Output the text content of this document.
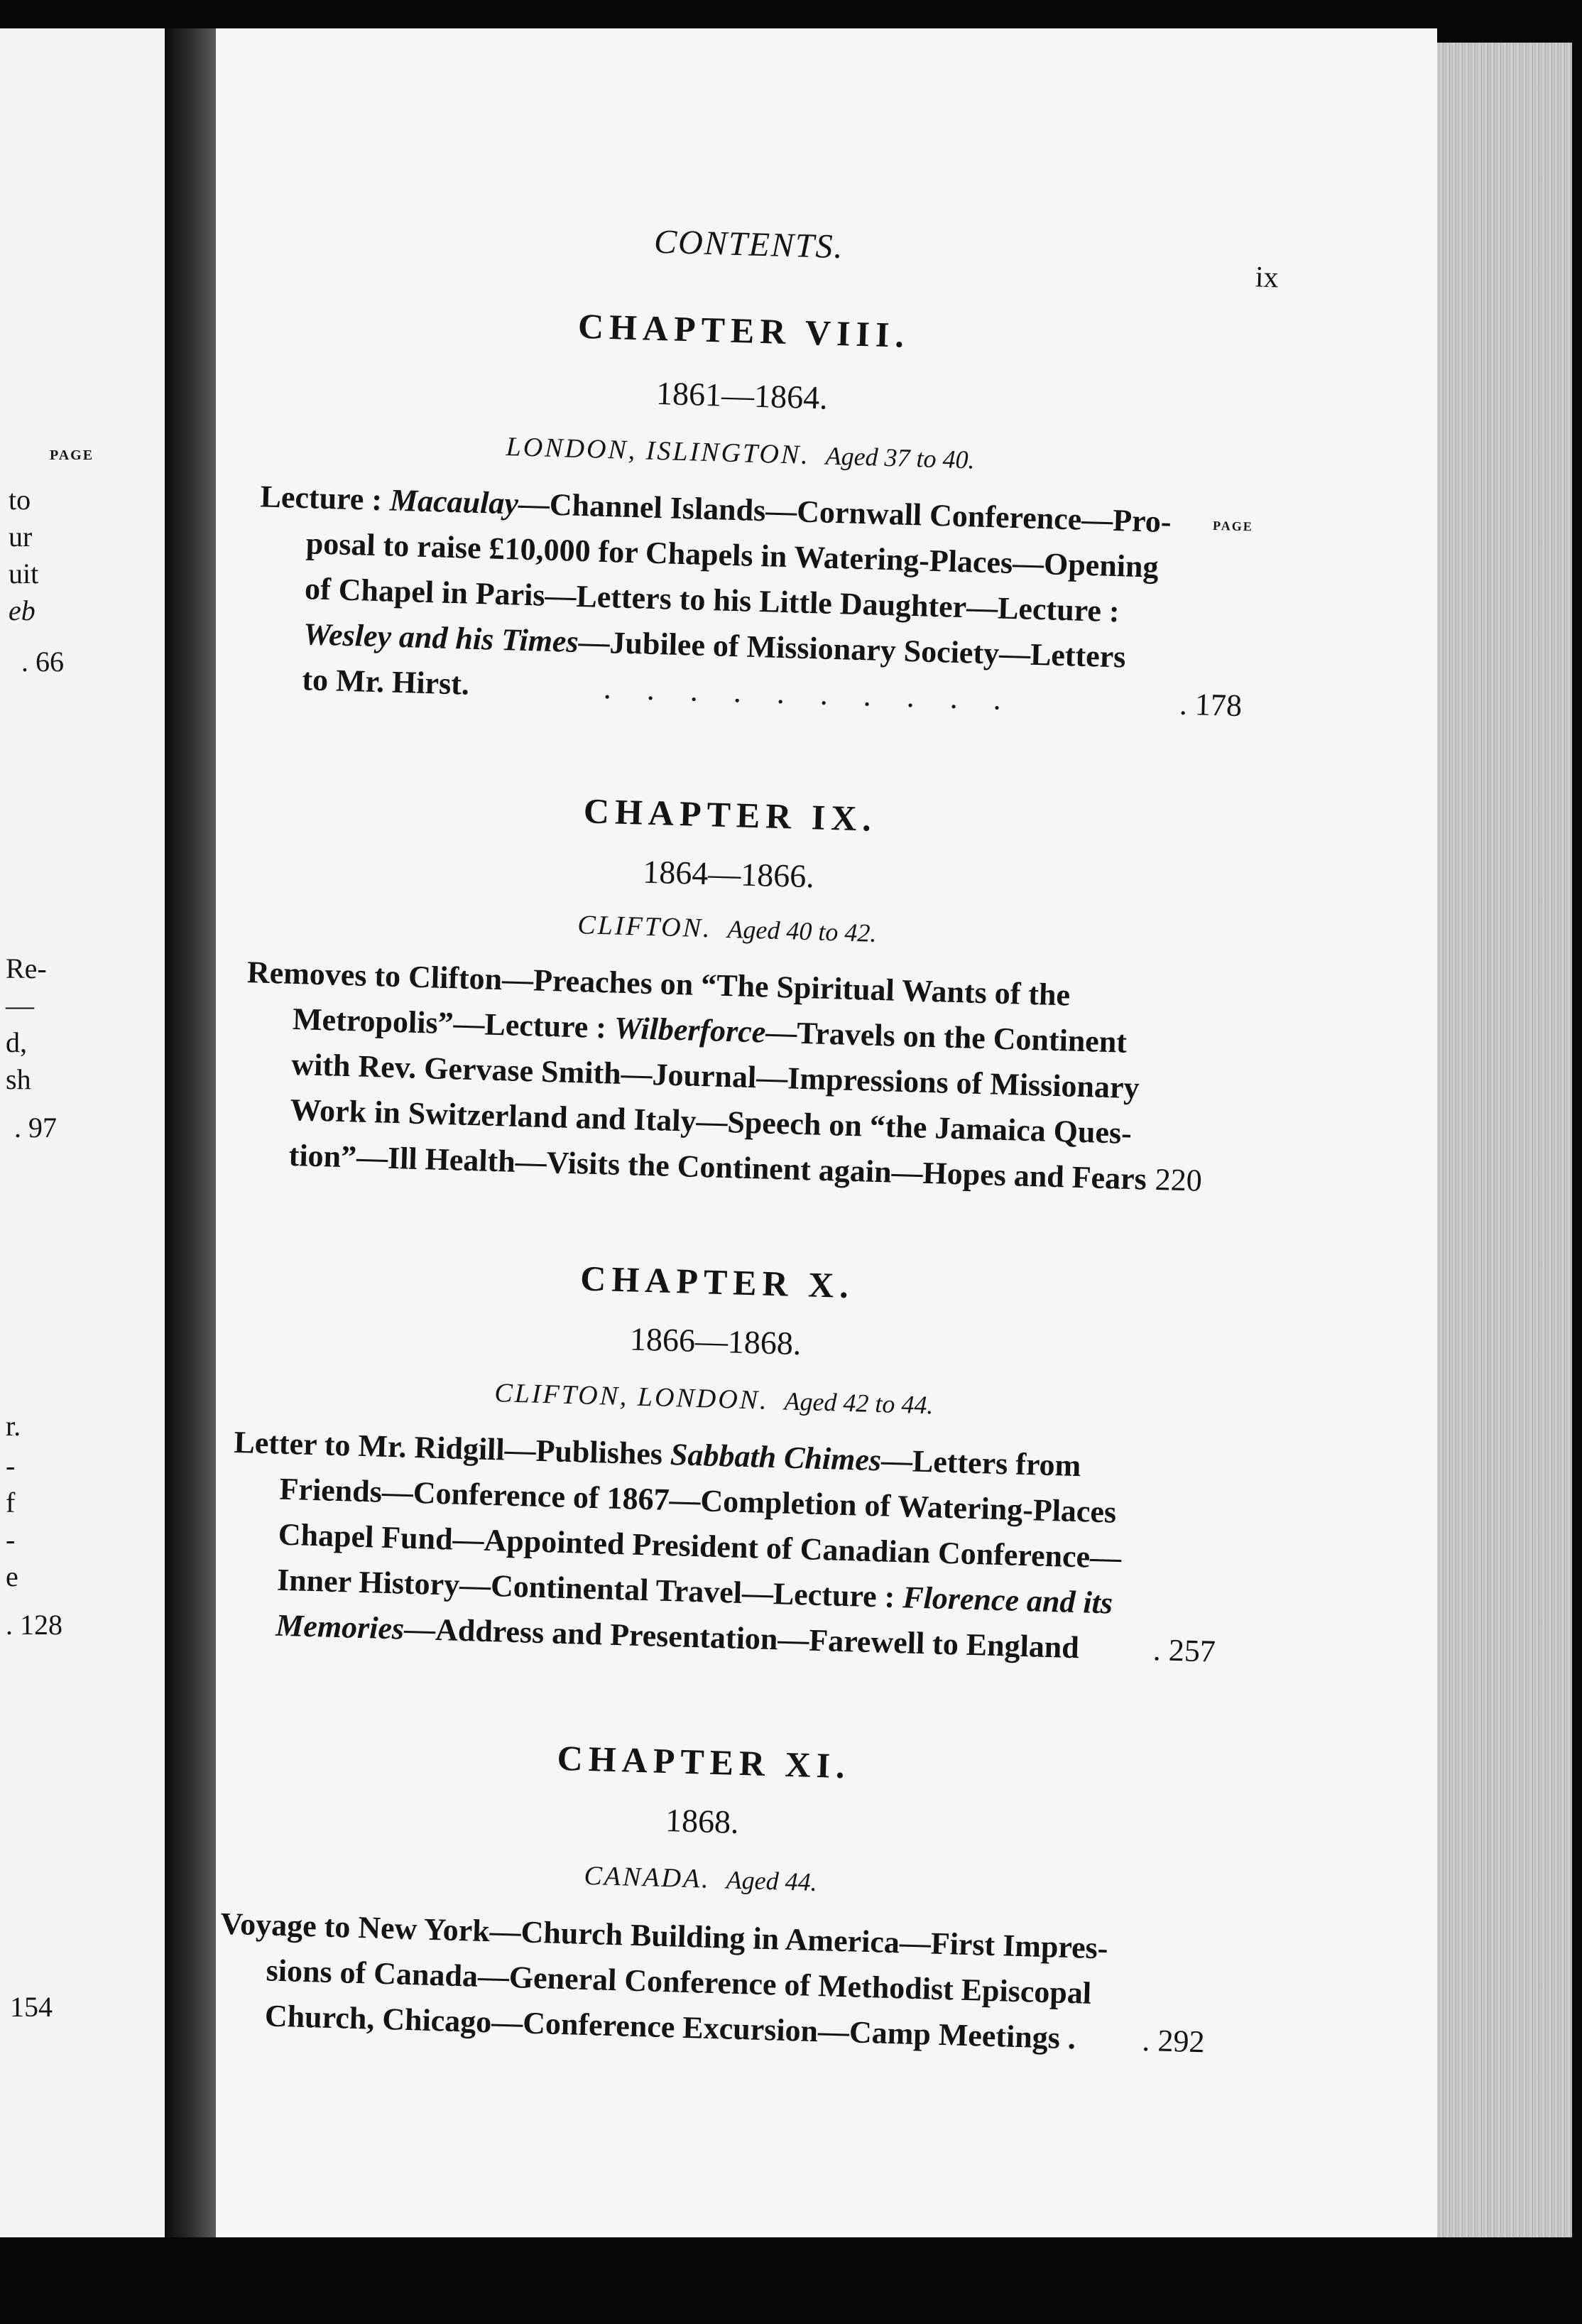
PAGE
to
ur
uit
eb
. 66
Re-
—
d,
sh
. 97
r.
-
f
-
e
. 128
154
CONTENTS.
ix
CHAPTER VIII.
1861—1864.
LONDON, ISLINGTON. Aged 37 to 40.
PAGE
Lecture : Macaulay—Channel Islands—Cornwall Conference—Pro-
posal to raise £10,000 for Chapels in Watering-Places—Opening
of Chapel in Paris—Letters to his Little Daughter—Lecture :
Wesley and his Times—Jubilee of Missionary Society—Letters
to Mr. Hirst.	..........	. 178
CHAPTER IX.
1864—1866.
CLIFTON. Aged 40 to 42.
Removes to Clifton—Preaches on “The Spiritual Wants of the
Metropolis”—Lecture : Wilberforce—Travels on the Continent
with Rev. Gervase Smith—Journal—Impressions of Missionary
Work in Switzerland and Italy—Speech on “the Jamaica Ques-
tion”—Ill Health—Visits the Continent again—Hopes and Fears 220
CHAPTER X.
1866—1868.
CLIFTON, LONDON. Aged 42 to 44.
Letter to Mr. Ridgill—Publishes Sabbath Chimes—Letters from
Friends—Conference of 1867—Completion of Watering-Places
Chapel Fund—Appointed President of Canadian Conference—
Inner History—Continental Travel—Lecture : Florence and its
Memories
—Address and Presentation—Farewell to England . 257
CHAPTER XI.
1868.
CANADA. Aged 44.
Voyage to New York—Church Building in America—First Impres-
sions of Canada—General Conference of Methodist Episcopal
Church, Chicago—Conference Excursion—Camp Meetings . . 292
